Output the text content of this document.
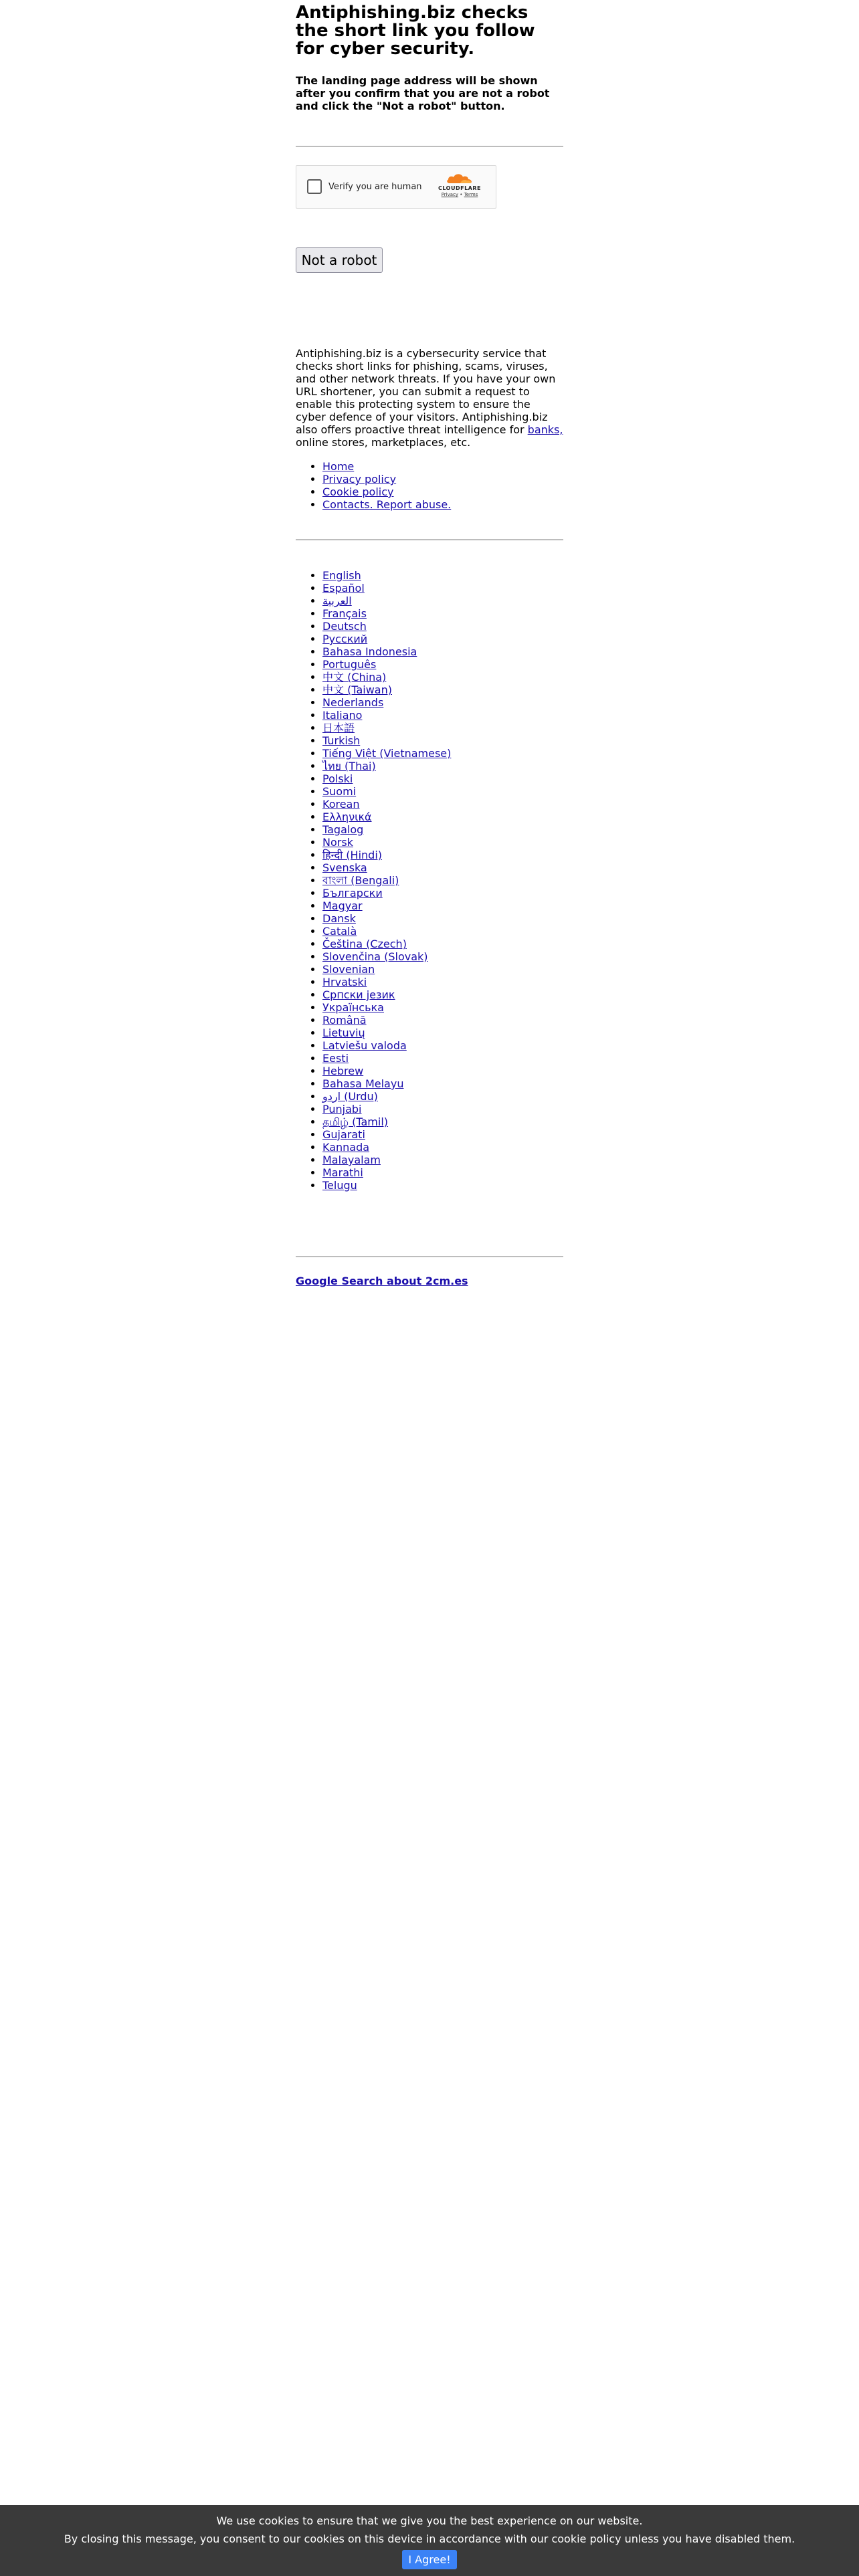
Antiphishing.biz checks the short link you follow for cyber security.

The landing page address will be shown after you confirm that you are not a robot and click the "Not a robot" button.

Verify you are human	CLOUDFLARE
Privacy • Terms
Not a robot

Antiphishing.biz is a cybersecurity service that checks short links for phishing, scams, viruses, and other network threats. If you have your own URL shortener, you can submit a request to enable this protecting system to ensure the cyber defence of your visitors. Antiphishing.biz also offers proactive threat intelligence for banks, online stores, marketplaces, etc.

• Home
• Privacy policy
• Cookie policy
• Contacts. Report abuse.
• English
• Español
• العربية
• Français
• Deutsch
• Русский
• Bahasa Indonesia
• Português
• 中文 (China)
• 中文 (Taiwan)
• Nederlands
• Italiano
• 日本語
• Turkish
• Tiếng Việt (Vietnamese)
• ไทย (Thai)
• Polski
• Suomi
• Korean
• Ελληνικά
• Tagalog
• Norsk
• हिन्दी (Hindi)
• Svenska
• বাংলা (Bengali)
• Български
• Magyar
• Dansk
• Català
• Čeština (Czech)
• Slovenčina (Slovak)
• Slovenian
• Hrvatski
• Српски језик
• Українська
• Română
• Lietuvių
• Latviešu valoda
• Eesti
• Hebrew
• Bahasa Melayu
• اردو (Urdu)
• Punjabi
• தமிழ் (Tamil)
• Gujarati
• Kannada
• Malayalam
• Marathi
• Telugu
Google Search about 2cm.es

We use cookies to ensure that we give you the best experience on our website.

By closing this message, you consent to our cookies on this device in accordance with our cookie policy unless you have disabled them.

I Agree!
